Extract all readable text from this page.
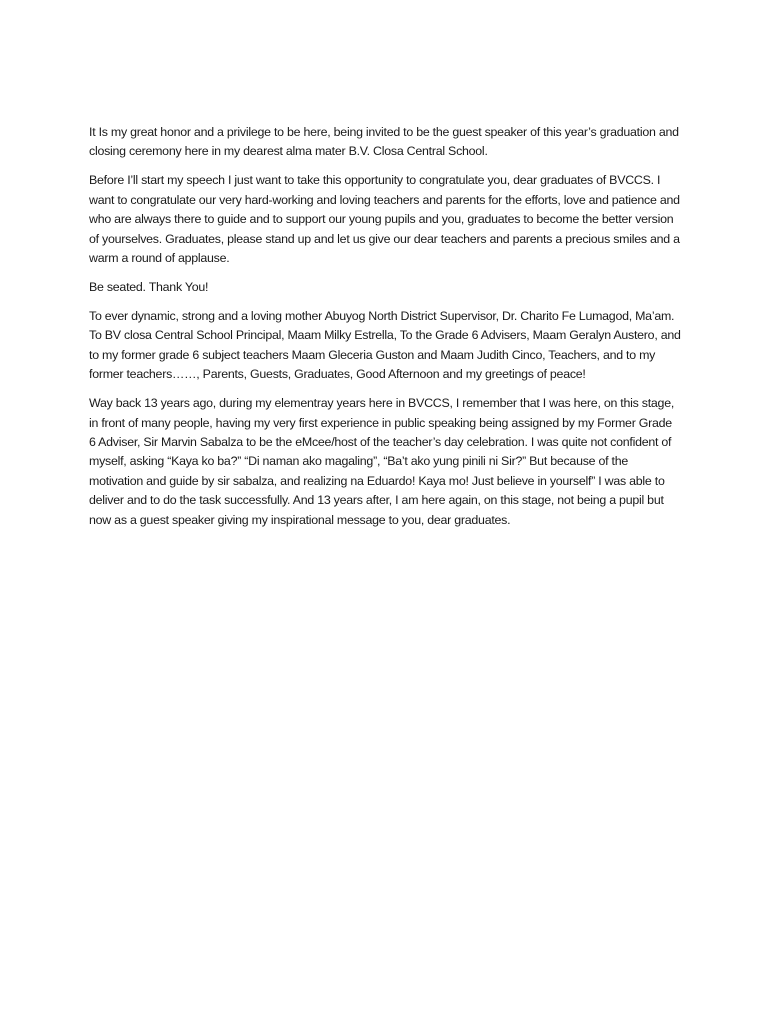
It Is my great honor and a privilege to be here, being invited to be the guest speaker of this year’s graduation and closing ceremony here in my dearest alma mater B.V. Closa Central School.

Before I’ll start my speech I just want to take this opportunity to congratulate you, dear graduates of BVCCS. I want to congratulate our very hard-working and loving teachers and parents for the efforts, love and patience and who are always there to guide and to support our young pupils and you, graduates to become the better version of yourselves. Graduates, please stand up and let us give our dear teachers and parents a precious smiles and a warm a round of applause.

Be seated. Thank You!

To ever dynamic, strong and a loving mother Abuyog North District Supervisor, Dr. Charito Fe Lumagod, Ma’am. To BV closa Central School Principal, Maam Milky Estrella, To the Grade 6 Advisers, Maam Geralyn Austero, and to my former grade 6 subject teachers Maam Gleceria Guston and Maam Judith Cinco, Teachers, and to my former teachers……, Parents, Guests, Graduates, Good Afternoon and my greetings of peace!

Way back 13 years ago, during my elementray years here in BVCCS, I remember that I was here, on this stage, in front of many people, having my very first experience in public speaking being assigned by my Former Grade 6 Adviser, Sir Marvin Sabalza to be the eMcee/host of the teacher’s day celebration. I was quite not confident of myself, asking “Kaya ko ba?” “Di naman ako magaling”, “Ba’t ako yung pinili ni Sir?” But because of the motivation and guide by sir sabalza, and realizing na Eduardo! Kaya mo! Just believe in yourself” I was able to deliver and to do the task successfully. And 13 years after, I am here again, on this stage, not being a pupil but now as a guest speaker giving my inspirational message to you, dear graduates.
